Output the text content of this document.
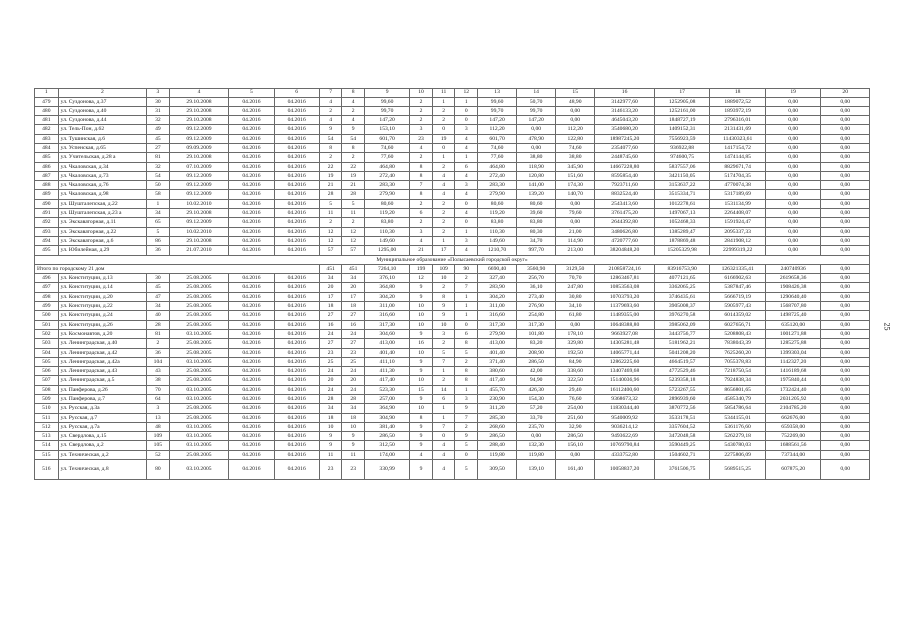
1	2	3	4	5	6	7	8	9	10	11	12	13	14	15	16	17	18	19	20
479	ул. Суздонова, д.37	30	29.10.2008	04.2016	04.2016	4	4	99,60	2	1	1	99,60	50,70	48,90	3142977,60	1252905,08	1889072,52	0,00	0,00
480	ул. Суздонова, д.40	31	29.10.2008	04.2016	04.2016	2	2	99,70	2	2	0	99,70	99,70	0,00	3146133,20	1252161,00	1893972,19	0,00	0,00
481	ул. Суздонова, д.44	32	29.10.2008	04.2016	04.2016	4	4	147,20	2	2	0	147,20	147,20	0,00	4645043,20	1848727,19	2796316,01	0,00	0,00
482	ул. Тель-Пон, д.62	49	09.12.2009	04.2016	04.2016	9	9	153,10	3	0	3	112,20	0,00	112,20	3540680,20	1409152,31	2131431,69	0,00	0,00
483	ул. Тушинская, д.6	45	09.12.2009	04.2016	04.2016	54	54	601,70	23	19	4	601,70	478,90	122,80	18987245,20	7556923,59	11430323,61	0,00	0,00
484	ул. Успенская, д.65	27	09.09.2009	04.2016	04.2016	8	8	74,60	4	0	4	74,60	0,00	74,60	2354077,60	936922,88	1417154,72	0,00	0,00
485	ул. Учительская, д.28 а	81	29.10.2008	04.2016	04.2016	2	2	77,60	2	1	1	77,60	38,80	38,80	2448745,60	974600,75	1474144,85	0,00	0,00
486	ул. Чкаловская, д.34	32	07.10.2009	04.2016	04.2016	22	22	464,80	8	2	6	464,80	118,90	345,90	14667228,80	5837557,06	8829671,74	0,00	0,00
487	ул. Чкаловская, д.73	54	09.12.2009	04.2016	04.2016	19	19	272,40	8	4	4	272,40	120,80	151,60	8595854,40	3421150,05	5174704,35	0,00	0,00
488	ул. Чкаловская, д.76	50	09.12.2009	04.2016	04.2016	21	21	283,30	7	4	3	283,30	141,00	174,30	7923711,60	3153637,22	4770074,38	0,00	0,00
489	ул. Чкаловская, д.98	58	09.12.2009	04.2016	04.2016	28	28	279,90	8	4	4	279,90	139,20	140,70	8832524,40	3515334,71	5317189,69	0,00	0,00
490	ул. Шушталепская, д.22	1	10.02.2010	04.2016	04.2016	5	5	80,60	2	2	0	80,60	80,60	0,00	2543413,60	1012278,61	1531134,99	0,00	0,00
491	ул. Шушталепская, д.23 а	34	29.10.2008	04.2016	04.2016	11	11	119,20	6	2	4	119,20	39,60	79,60	3761475,20	1497067,13	2264408,07	0,00	0,00
492	ул. Экскаваторная, д.11	65	09.12.2009	04.2016	04.2016	2	2	83,80	2	2	0	83,80	83,80	0,00	2644392,80	1052468,33	1591924,47	0,00	0,00
493	ул. Экскаваторная, д.22	5	10.02.2010	04.2016	04.2016	12	12	110,30	3	2	1	110,30	80,30	21,00	3480626,80	1385289,47	2095337,33	0,00	0,00
494	ул. Экскаваторная, д.6	86	29.10.2008	04.2016	04.2016	12	12	149,60	4	1	3	149,60	34,70	114,90	4720777,60	1878869,48	2841908,12	0,00	0,00
495	ул. Юбилейная, д.29	36	21.07.2010	04.2016	04.2016	57	57	1295,00	21	17	4	1210,70	997,70	213,00	38204848,20	15205329,98	22999319,22	0,00	0,00
Муниципальное образование «Полысаевский городской округ»																			
Итого по городскому 21 дом						451	451	7264,10	199	109	90	6690,40	3560,90	3129,50	210858724,16	83916753,90	126321335,41	240740936	0,00
496	ул. Конституции, д.13	30	25.08.2005	04.2016	04.2016	34	34	376,10	12	10	2	327,40	256,70	70,70	12863467,81	4077121,65	6166902,63	2619658,36	0,00
497	ул. Конституции, д.14	45	25.08.2005	04.2016	04.2016	20	20	364,80	9	2	7	283,90	36,10	247,80	10853563,08	3362065,25	5387847,46	1908426,38	0,00
498	ул. Конституции, д.20	47	25.08.2005	04.2016	04.2016	17	17	304,20	9	8	1	304,20	273,40	30,80	10703793,20	3746435,61	5666719,19	1290640,40	0,00
499	ул. Конституции, д.22	34	25.08.2005	04.2016	04.2016	18	18	311,00	10	9	1	311,00	276,90	34,10	11379693,60	3905008,37	5905977,43	1568707,80	0,00
500	ул. Конституции, д.24	40	25.08.2005	04.2016	04.2016	27	27	316,60	10	9	1	316,60	254,80	61,80	11489355,00	3976270,58	6014359,02	1498725,40	0,00
501	ул. Конституции, д.26	28	25.08.2005	04.2016	04.2016	16	16	317,30	10	10	0	317,30	317,30	0,00	10648388,80	3985062,09	6027656,71	635120,00	0,00
502	ул. Космонавтов, д.20	81	03.10.2005	04.2016	04.2016	24	24	304,60	9	3	6	279,90	101,80	178,10	9663927,08	3443756,77	5208808,43	1001271,88	0,00
503	ул. Ленинградская, д.40	2	25.08.2005	04.2016	04.2016	27	27	413,00	16	2	8	413,00	83,20	329,80	14305281,48	5181962,21	7838043,39	1285275,88	0,00
504	ул. Ленинградская, д.42	36	25.08.2005	04.2016	04.2016	23	23	401,40	10	5	5	401,40	208,90	192,50	14065771,44	5041208,20	7625260,20	1399303,04	0,00
505	ул. Ленинградская, д.42а	104	03.10.2005	04.2016	04.2016	25	25	411,10	9	7	2	371,40	286,50	84,90	12862225,60	4664519,57	7055378,83	1142327,20	0,00
506	ул. Ленинградская, д.43	43	25.08.2005	04.2016	04.2016	24	24	411,30	9	1	8	380,60	42,00	338,60	13407469,68	4772529,46	7218750,54	1416189,68	0,00
507	ул. Ленинградская, д.5	38	25.08.2005	04.2016	04.2016	20	20	417,40	10	2	8	417,40	94,90	322,50	15140036,96	5239358,18	7924838,34	1975840,44	0,00
508	ул. Панферова, д.26	70	03.10.2005	04.2016	04.2016	24	24	523,30	15	14	1	455,70	426,30	29,40	16112400,60	5723267,55	8656801,65	1732424,40	0,00
509	ул. Панферова, д.7	64	03.10.2005	04.2016	04.2016	28	28	257,00	9	6	3	230,90	154,30	76,60	9368673,32	2896939,60	4585340,79	2031205,92	0,00
510	ул. Русская, д.3а	3	25.08.2005	04.2016	04.2016	34	34	364,90	10	1	9	311,20	57,20	254,00	11830344,40	3870772,56	5854786,64	2104785,20	0,00
511	ул. Русская, д.7	13	25.08.2005	04.2016	04.2016	18	18	304,90	8	1	7	285,30	33,70	251,60	9540009,92	3533178,51	5344155,01	662676,00	0,00
512	ул. Русская, д.7а	48	03.10.2005	04.2016	04.2016	10	10	381,40	9	7	2	268,60	235,70	32,90	9036214,12	3357604,52	5361176,60	659358,00	0,00
513	ул. Свердлова, д.15	109	03.10.2005	04.2016	04.2016	9	9	286,50	9	0	9	286,50	0,00	286,50	9493622,69	3472048,58	5262279,18	752269,00	0,00
514	ул. Свердлова, д.2	105	03.10.2005	04.2016	04.2016	9	9	312,50	9	4	5	288,40	132,30	156,10	10769790,84	3590449,25	5430780,03	1688561,56	0,00
515	ул. Техническая, д.2	52	25.08.2005	04.2016	04.2016	11	11	174,00	4	4	0	119,80	119,80	0,00	4333752,80	1504602,71	2275806,09	737344,00	0,00
516	ул. Техническая, д.8	80	03.10.2005	04.2016	04.2016	23	23	330,99	9	4	5	309,50	139,10	161,40	10058837,20	3761506,75	5689515,25	607875,20	0,00
25
